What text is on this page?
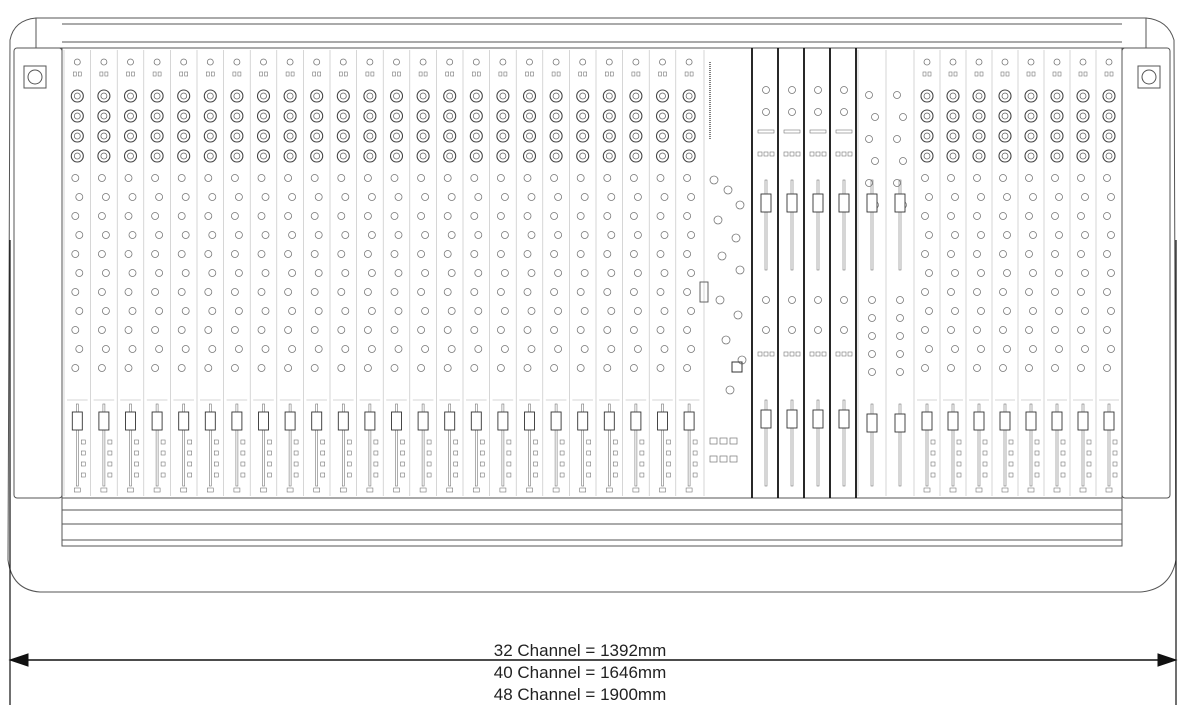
32 Channel = 1392mm
40 Channel = 1646mm
48 Channel = 1900mm
